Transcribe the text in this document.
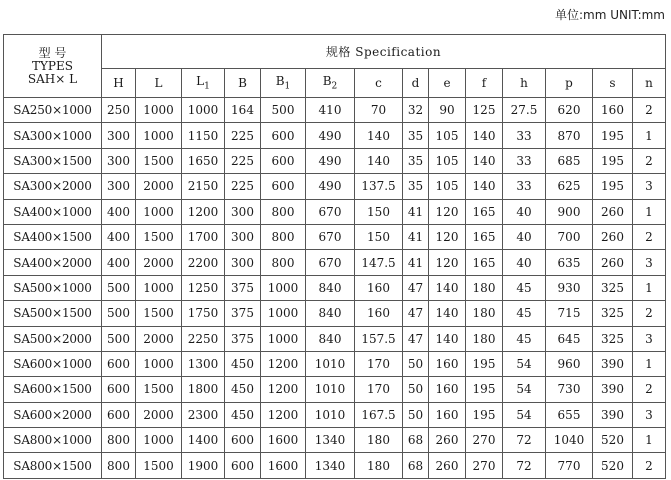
单位:mm UNIT:mm
型 号
TYPES
SAH× L	规格 Specification													
	H	L	$L_1$	B	$B_1$	$B_2$	c	d	e	f	h	p	s	n
SA250×1000	250	1000	1000	164	500	410	70	32	90	125	27.5	620	160	2
SA300×1000	300	1000	1150	225	600	490	140	35	105	140	33	870	195	1
SA300×1500	300	1500	1650	225	600	490	140	35	105	140	33	685	195	2
SA300×2000	300	2000	2150	225	600	490	137.5	35	105	140	33	625	195	3
SA400×1000	400	1000	1200	300	800	670	150	41	120	165	40	900	260	1
SA400×1500	400	1500	1700	300	800	670	150	41	120	165	40	700	260	2
SA400×2000	400	2000	2200	300	800	670	147.5	41	120	165	40	635	260	3
SA500×1000	500	1000	1250	375	1000	840	160	47	140	180	45	930	325	1
SA500×1500	500	1500	1750	375	1000	840	160	47	140	180	45	715	325	2
SA500×2000	500	2000	2250	375	1000	840	157.5	47	140	180	45	645	325	3
SA600×1000	600	1000	1300	450	1200	1010	170	50	160	195	54	960	390	1
SA600×1500	600	1500	1800	450	1200	1010	170	50	160	195	54	730	390	2
SA600×2000	600	2000	2300	450	1200	1010	167.5	50	160	195	54	655	390	3
SA800×1000	800	1000	1400	600	1600	1340	180	68	260	270	72	1040	520	1
SA800×1500	800	1500	1900	600	1600	1340	180	68	260	270	72	770	520	2
